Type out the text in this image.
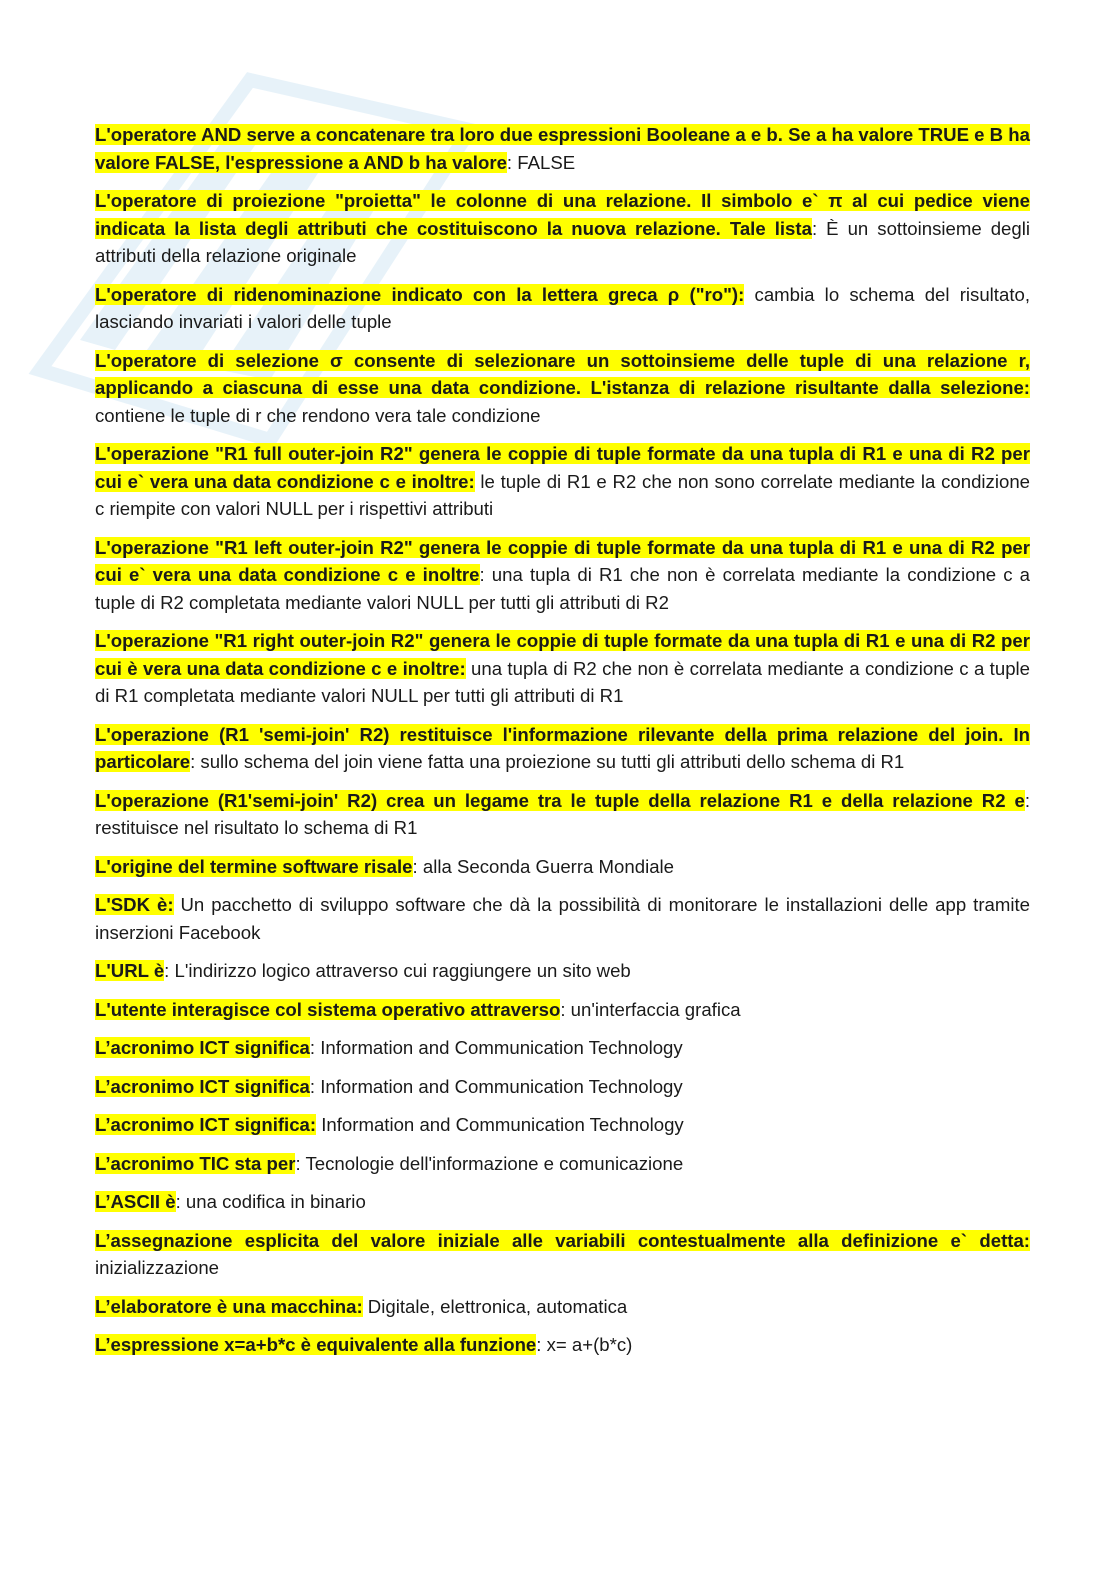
L'operatore AND serve a concatenare tra loro due espressioni Booleane a e b. Se a ha valore TRUE e B ha valore FALSE, l'espressione a AND b ha valore: FALSE

L'operatore di proiezione "proietta" le colonne di una relazione. Il simbolo e` π al cui pedice viene indicata la lista degli attributi che costituiscono la nuova relazione. Tale lista: È un sottoinsieme degli attributi della relazione originale

L'operatore di ridenominazione indicato con la lettera greca ρ ("ro"): cambia lo schema del risultato, lasciando invariati i valori delle tuple

L'operatore di selezione σ consente di selezionare un sottoinsieme delle tuple di una relazione r, applicando a ciascuna di esse una data condizione. L'istanza di relazione risultante dalla selezione: contiene le tuple di r che rendono vera tale condizione

L'operazione "R1 full outer-join R2" genera le coppie di tuple formate da una tupla di R1 e una di R2 per cui e` vera una data condizione c e inoltre: le tuple di R1 e R2 che non sono correlate mediante la condizione c riempite con valori NULL per i rispettivi attributi

L'operazione "R1 left outer-join R2" genera le coppie di tuple formate da una tupla di R1 e una di R2 per cui e` vera una data condizione c e inoltre: una tupla di R1 che non è correlata mediante la condizione c a tuple di R2 completata mediante valori NULL per tutti gli attributi di R2

L'operazione "R1 right outer-join R2" genera le coppie di tuple formate da una tupla di R1 e una di R2 per cui è vera una data condizione c e inoltre: una tupla di R2 che non è correlata mediante a condizione c a tuple di R1 completata mediante valori NULL per tutti gli attributi di R1

L'operazione (R1 'semi-join' R2) restituisce l'informazione rilevante della prima relazione del join. In particolare: sullo schema del join viene fatta una proiezione su tutti gli attributi dello schema di R1

L'operazione (R1'semi-join' R2) crea un legame tra le tuple della relazione R1 e della relazione R2 e: restituisce nel risultato lo schema di R1

L'origine del termine software risale: alla Seconda Guerra Mondiale

L'SDK è: Un pacchetto di sviluppo software che dà la possibilità di monitorare le installazioni delle app tramite inserzioni Facebook

L'URL è: L'indirizzo logico attraverso cui raggiungere un sito web

L'utente interagisce col sistema operativo attraverso: un'interfaccia grafica

L’acronimo ICT significa: Information and Communication Technology

L’acronimo ICT significa: Information and Communication Technology

L’acronimo ICT significa: Information and Communication Technology

L’acronimo TIC sta per: Tecnologie dell'informazione e comunicazione

L’ASCII è: una codifica in binario

L’assegnazione esplicita del valore iniziale alle variabili contestualmente alla definizione e` detta: inizializzazione

L’elaboratore è una macchina: Digitale, elettronica, automatica

L’espressione x=a+b*c è equivalente alla funzione: x= a+(b*c)
